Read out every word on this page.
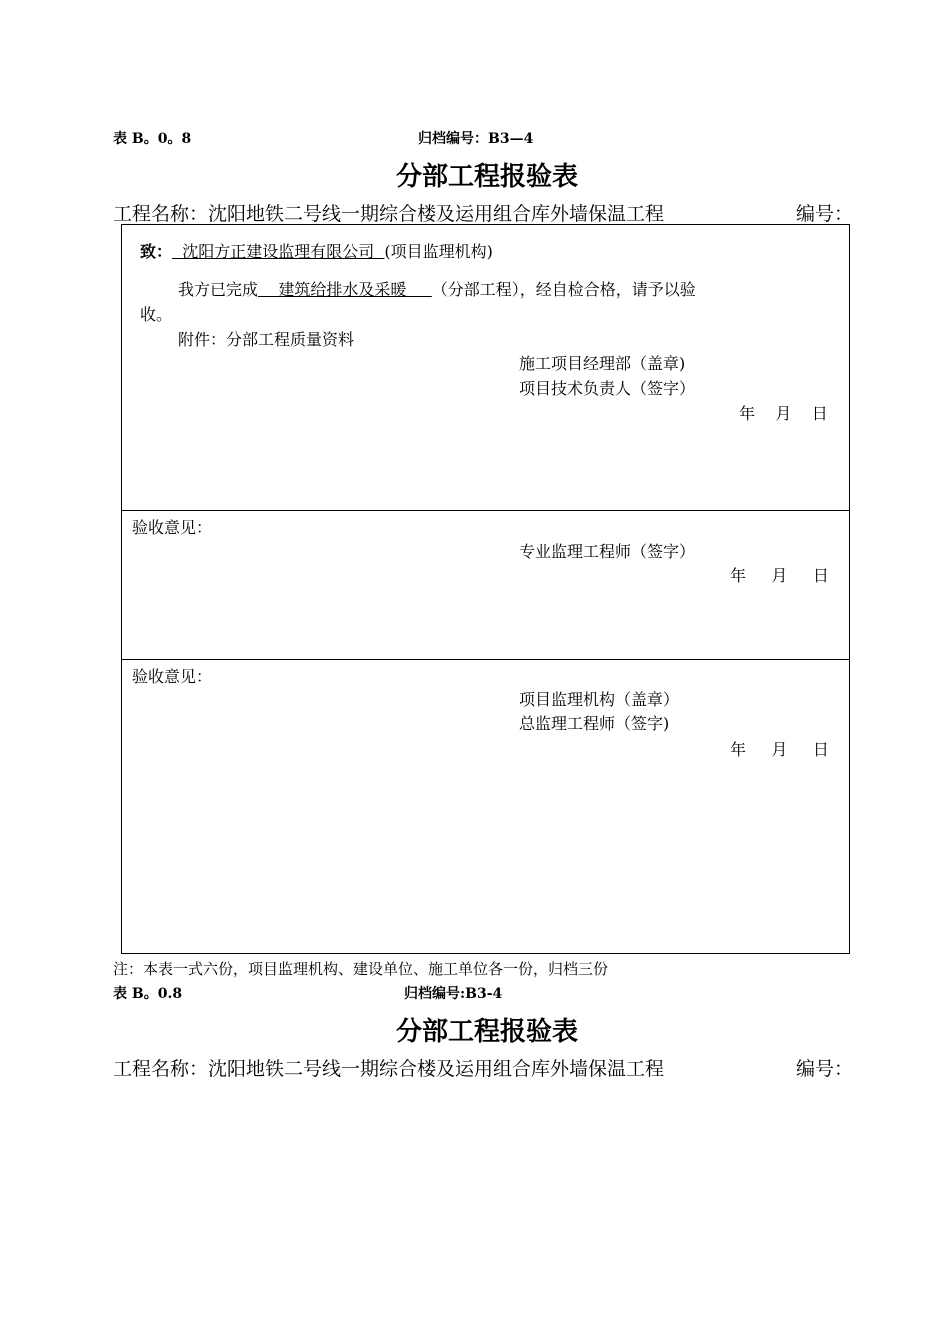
表 B。0。8	归档编号：B3—4
分部工程报验表
工程名称：沈阳地铁二号线一期综合楼及运用组合库外墙保温工程	编号：
致：  沈阳方正建设监理有限公司  (项目监理机构)
我方已完成    建筑给排水及采暖     （分部工程），经自检合格，请予以验
收。
附件：分部工程质量资料
施工项目经理部（盖章)
项目技术负责人（签字）
年    月    日
验收意见：
专业监理工程师（签字）
年     月     日
验收意见：
项目监理机构（盖章）
总监理工程师（签字)
年     月     日
注：本表一式六份，项目监理机构、建设单位、施工单位各一份，归档三份
表 B。0.8	归档编号:B3-4
分部工程报验表
工程名称：沈阳地铁二号线一期综合楼及运用组合库外墙保温工程	编号：
